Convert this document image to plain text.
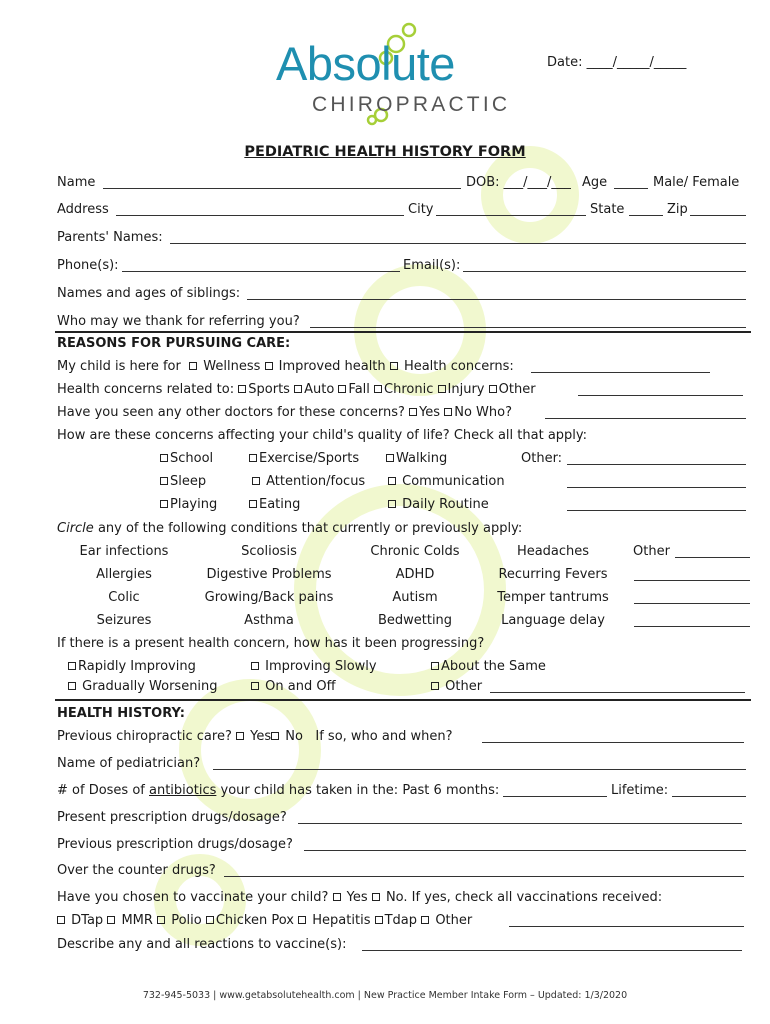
Absolute
CHIROPRACTIC
Date: ____/_____/_____
PEDIATRIC HEALTH HISTORY FORM
Name	DOB: ___/___/___ Age	Male/ Female
Address	City	State	Zip
Parents' Names:
Phone(s):	Email(s):
Names and ages of siblings:
Who may we thank for referring you?
REASONS FOR PURSUING CARE:
My child is here for Wellness Improved health Health concerns:
Health concerns related to: Sports Auto Fall Chronic Injury Other
Have you seen any other doctors for these concerns? Yes No Who?
How are these concerns affecting your child's quality of life? Check all that apply:
School	Exercise/Sports	Walking	Other:
Sleep	Attention/focus	Communication
Playing	Eating	Daily Routine
Circle any of the following conditions that currently or previously apply:
Ear infections	Scoliosis	Chronic Colds	Headaches	Other
Allergies	Digestive Problems	ADHD	Recurring Fevers
Colic	Growing/Back pains	Autism	Temper tantrums
Seizures	Asthma	Bedwetting	Language delay
If there is a present health concern, how has it been progressing?
Rapidly Improving	Improving Slowly	About the Same
Gradually Worsening	On and Off	Other
HEALTH HISTORY:
Previous chiropractic care? Yes No If so, who and when?
Name of pediatrician?
# of Doses of antibiotics your child has taken in the: Past 6 months:	Lifetime:
Present prescription drugs/dosage?
Previous prescription drugs/dosage?
Over the counter drugs?
Have you chosen to vaccinate your child? Yes No. If yes, check all vaccinations received:
DTap MMR Polio Chicken Pox Hepatitis Tdap Other
Describe any and all reactions to vaccine(s):
732-945-5033 | www.getabsolutehealth.com | New Practice Member Intake Form – Updated: 1/3/2020
